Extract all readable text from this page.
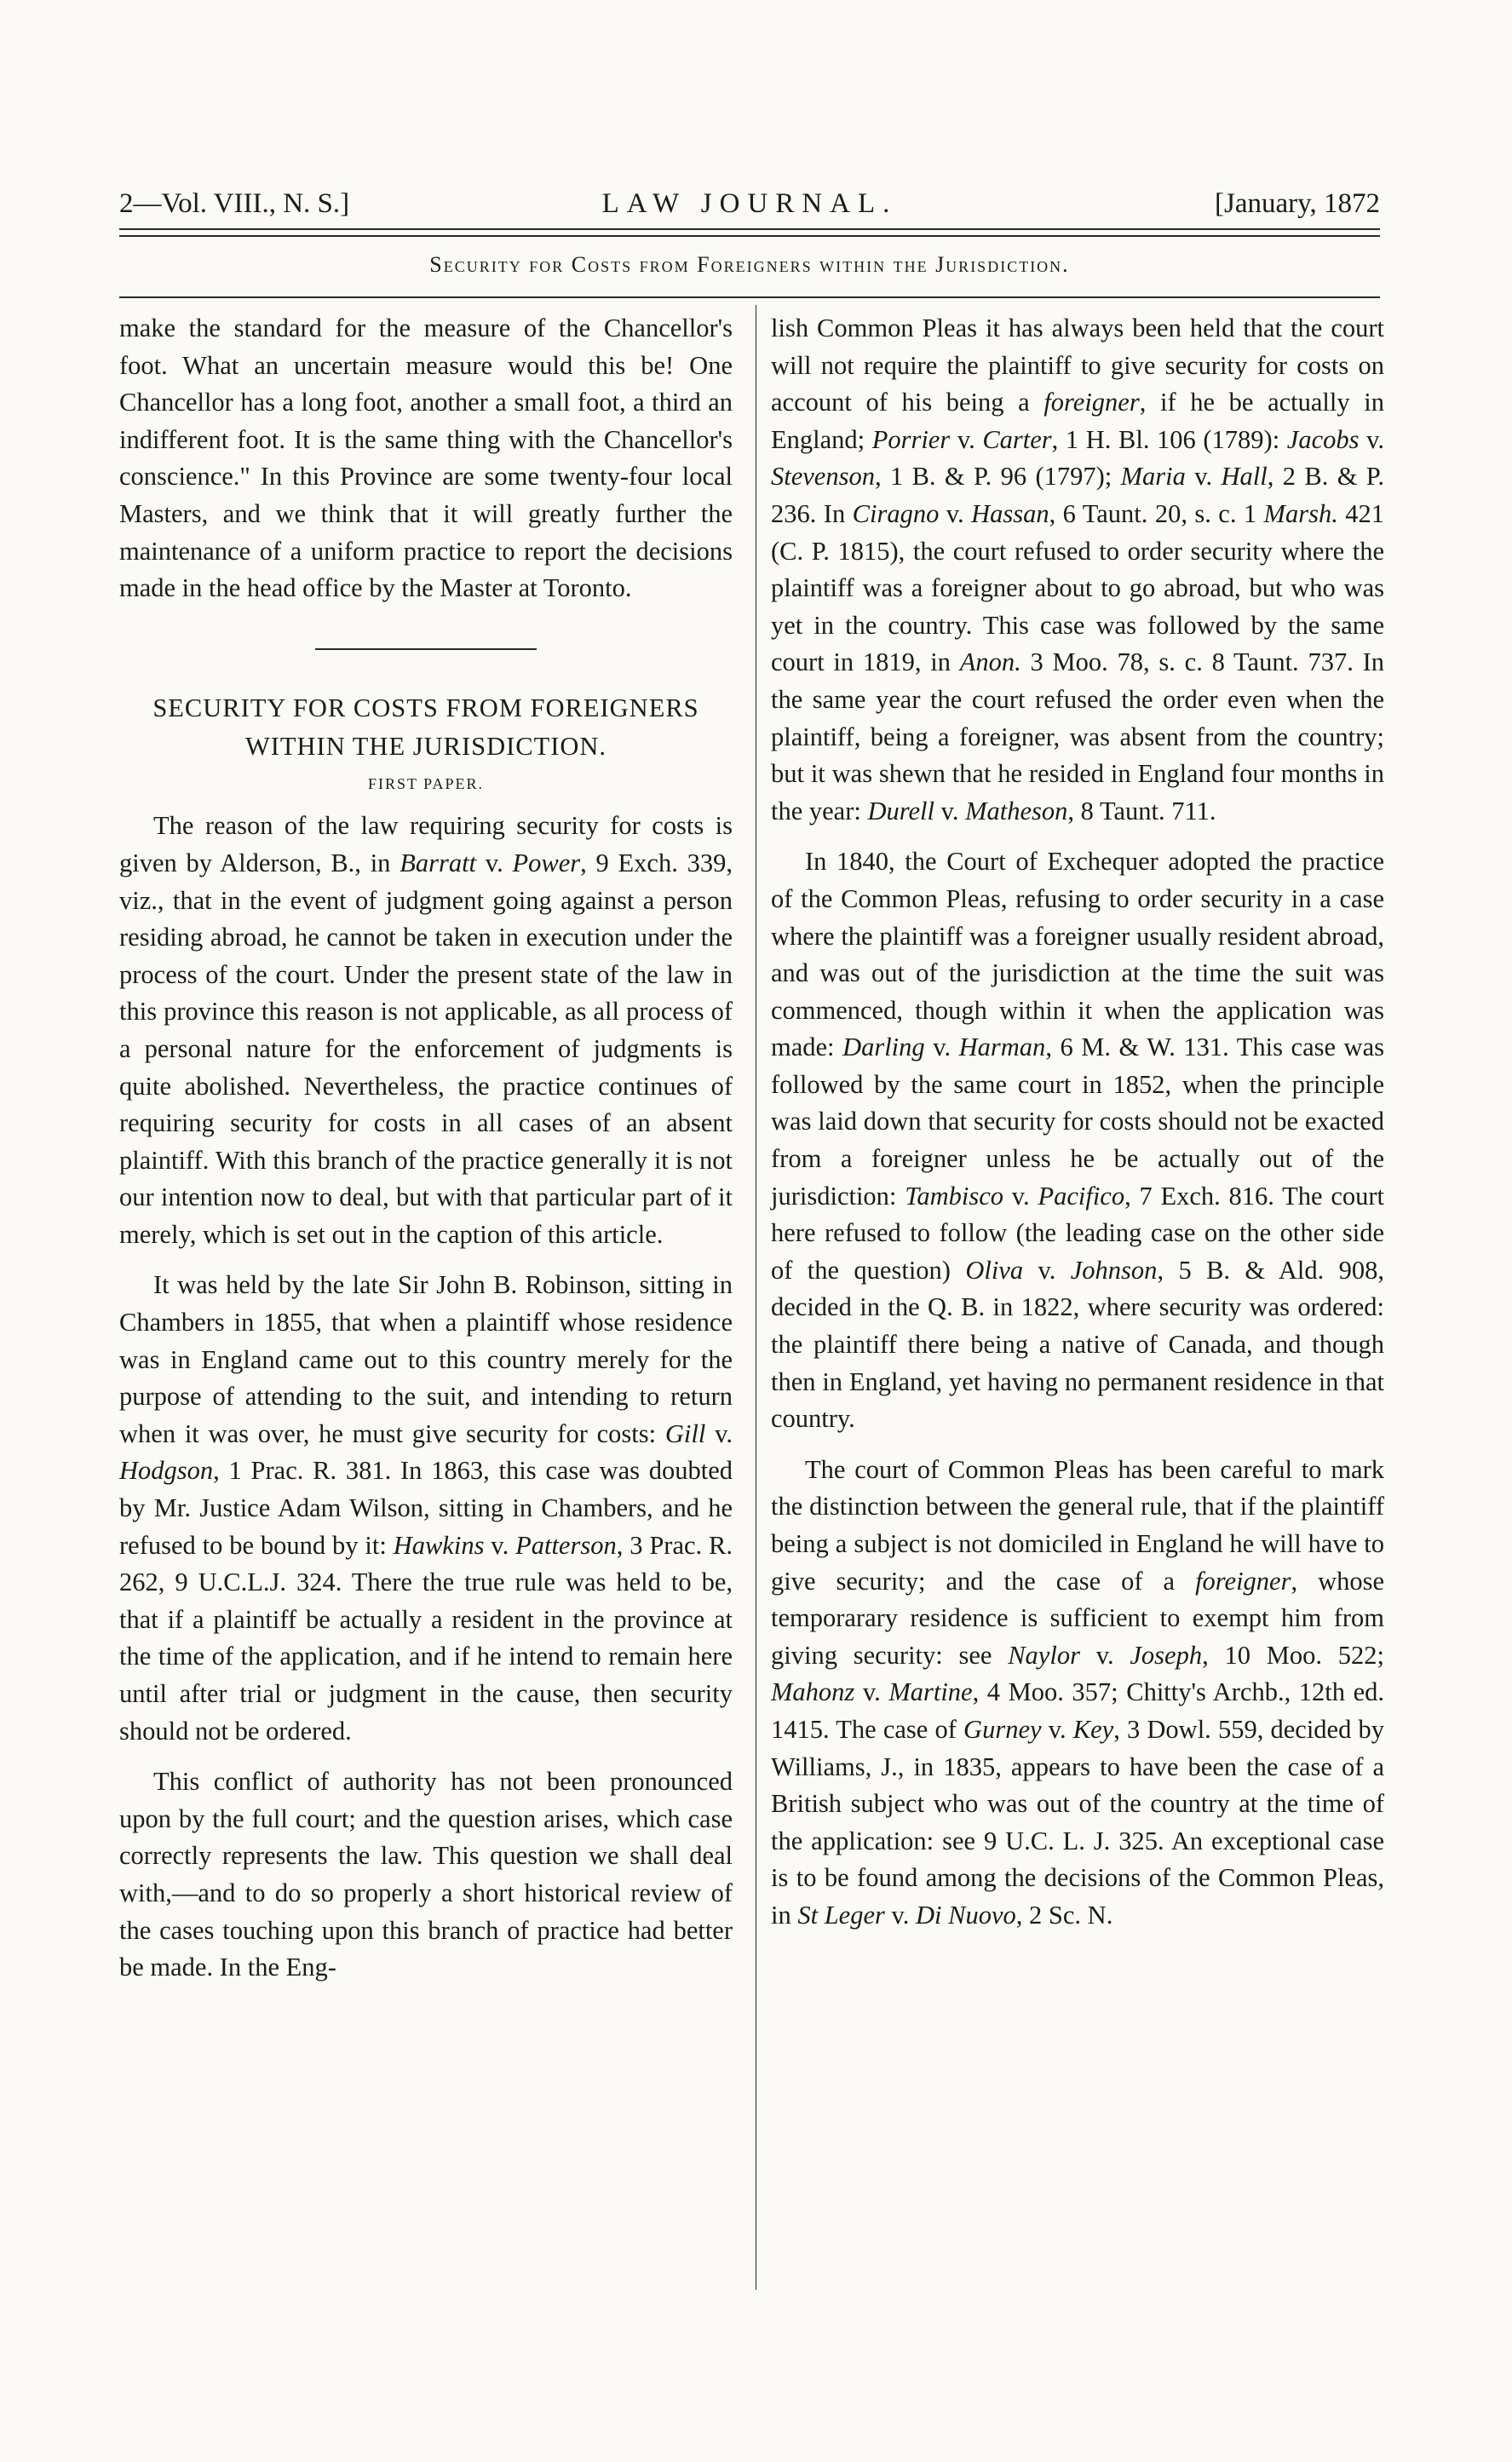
2—Vol. VIII., N. S.]	LAW JOURNAL.	[January, 1872
Security for Costs from Foreigners within the Jurisdiction.

make the standard for the measure of the Chancellor's foot. What an uncertain measure would this be! One Chancellor has a long foot, another a small foot, a third an indifferent foot. It is the same thing with the Chancellor's conscience." In this Province are some twenty-four local Masters, and we think that it will greatly further the maintenance of a uniform practice to report the decisions made in the head office by the Master at Toronto.

SECURITY FOR COSTS FROM FOREIGNERS WITHIN THE JURISDICTION.

FIRST PAPER.

The reason of the law requiring security for costs is given by Alderson, B., in Barratt v. Power, 9 Exch. 339, viz., that in the event of judgment going against a person residing abroad, he cannot be taken in execution under the process of the court. Under the present state of the law in this province this reason is not applicable, as all process of a personal nature for the enforcement of judgments is quite abolished. Nevertheless, the practice continues of requiring security for costs in all cases of an absent plaintiff. With this branch of the practice generally it is not our intention now to deal, but with that particular part of it merely, which is set out in the caption of this article.

It was held by the late Sir John B. Robinson, sitting in Chambers in 1855, that when a plaintiff whose residence was in England came out to this country merely for the purpose of attending to the suit, and intending to return when it was over, he must give security for costs: Gill v. Hodgson, 1 Prac. R. 381. In 1863, this case was doubted by Mr. Justice Adam Wilson, sitting in Chambers, and he refused to be bound by it: Hawkins v. Patterson, 3 Prac. R. 262, 9 U.C.L.J. 324. There the true rule was held to be, that if a plaintiff be actually a resident in the province at the time of the application, and if he intend to remain here until after trial or judgment in the cause, then security should not be ordered.

This conflict of authority has not been pronounced upon by the full court; and the question arises, which case correctly represents the law. This question we shall deal with,—and to do so properly a short historical review of the cases touching upon this branch of practice had better be made. In the Eng-

lish Common Pleas it has always been held that the court will not require the plaintiff to give security for costs on account of his being a foreigner, if he be actually in England; Porrier v. Carter, 1 H. Bl. 106 (1789): Jacobs v. Stevenson, 1 B. & P. 96 (1797); Maria v. Hall, 2 B. & P. 236. In Ciragno v. Hassan, 6 Taunt. 20, s. c. 1 Marsh. 421 (C. P. 1815), the court refused to order security where the plaintiff was a foreigner about to go abroad, but who was yet in the country. This case was followed by the same court in 1819, in Anon. 3 Moo. 78, s. c. 8 Taunt. 737. In the same year the court refused the order even when the plaintiff, being a foreigner, was absent from the country; but it was shewn that he resided in England four months in the year: Durell v. Matheson, 8 Taunt. 711.

In 1840, the Court of Exchequer adopted the practice of the Common Pleas, refusing to order security in a case where the plaintiff was a foreigner usually resident abroad, and was out of the jurisdiction at the time the suit was commenced, though within it when the application was made: Darling v. Harman, 6 M. & W. 131. This case was followed by the same court in 1852, when the principle was laid down that security for costs should not be exacted from a foreigner unless he be actually out of the jurisdiction: Tambisco v. Pacifico, 7 Exch. 816. The court here refused to follow (the leading case on the other side of the question) Oliva v. Johnson, 5 B. & Ald. 908, decided in the Q. B. in 1822, where security was ordered: the plaintiff there being a native of Canada, and though then in England, yet having no permanent residence in that country.

The court of Common Pleas has been careful to mark the distinction between the general rule, that if the plaintiff being a subject is not domiciled in England he will have to give security; and the case of a foreigner, whose temporarary residence is sufficient to exempt him from giving security: see Naylor v. Joseph, 10 Moo. 522; Mahonz v. Martine, 4 Moo. 357; Chitty's Archb., 12th ed. 1415. The case of Gurney v. Key, 3 Dowl. 559, decided by Williams, J., in 1835, appears to have been the case of a British subject who was out of the country at the time of the application: see 9 U.C. L. J. 325. An exceptional case is to be found among the decisions of the Common Pleas, in St Leger v. Di Nuovo, 2 Sc. N.
